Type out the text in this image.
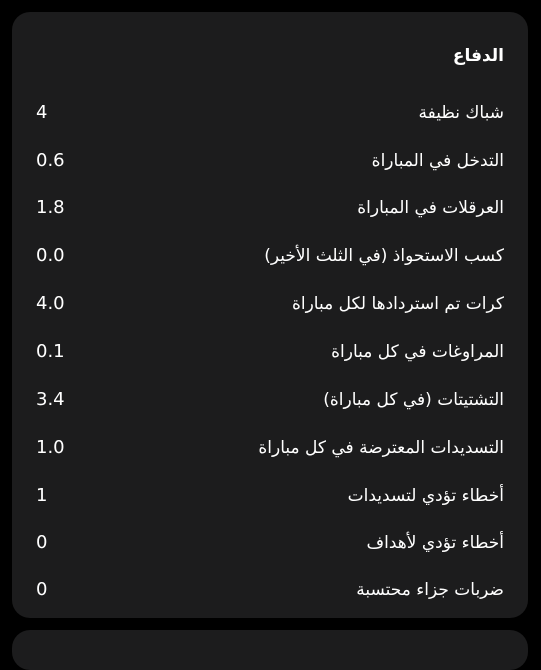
الدفاع
شباك نظيفة
4
التدخل في المباراة
0.6
العرقلات في المباراة
1.8
كسب الاستحواذ (في الثلث الأخير)
0.0
كرات تم استردادها لكل مباراة
4.0
المراوغات في كل مباراة
0.1
التشتيتات (في كل مباراة)
3.4
التسديدات المعترضة في كل مباراة
1.0
أخطاء تؤدي لتسديدات
1
أخطاء تؤدي لأهداف
0
ضربات جزاء محتسبة
0
